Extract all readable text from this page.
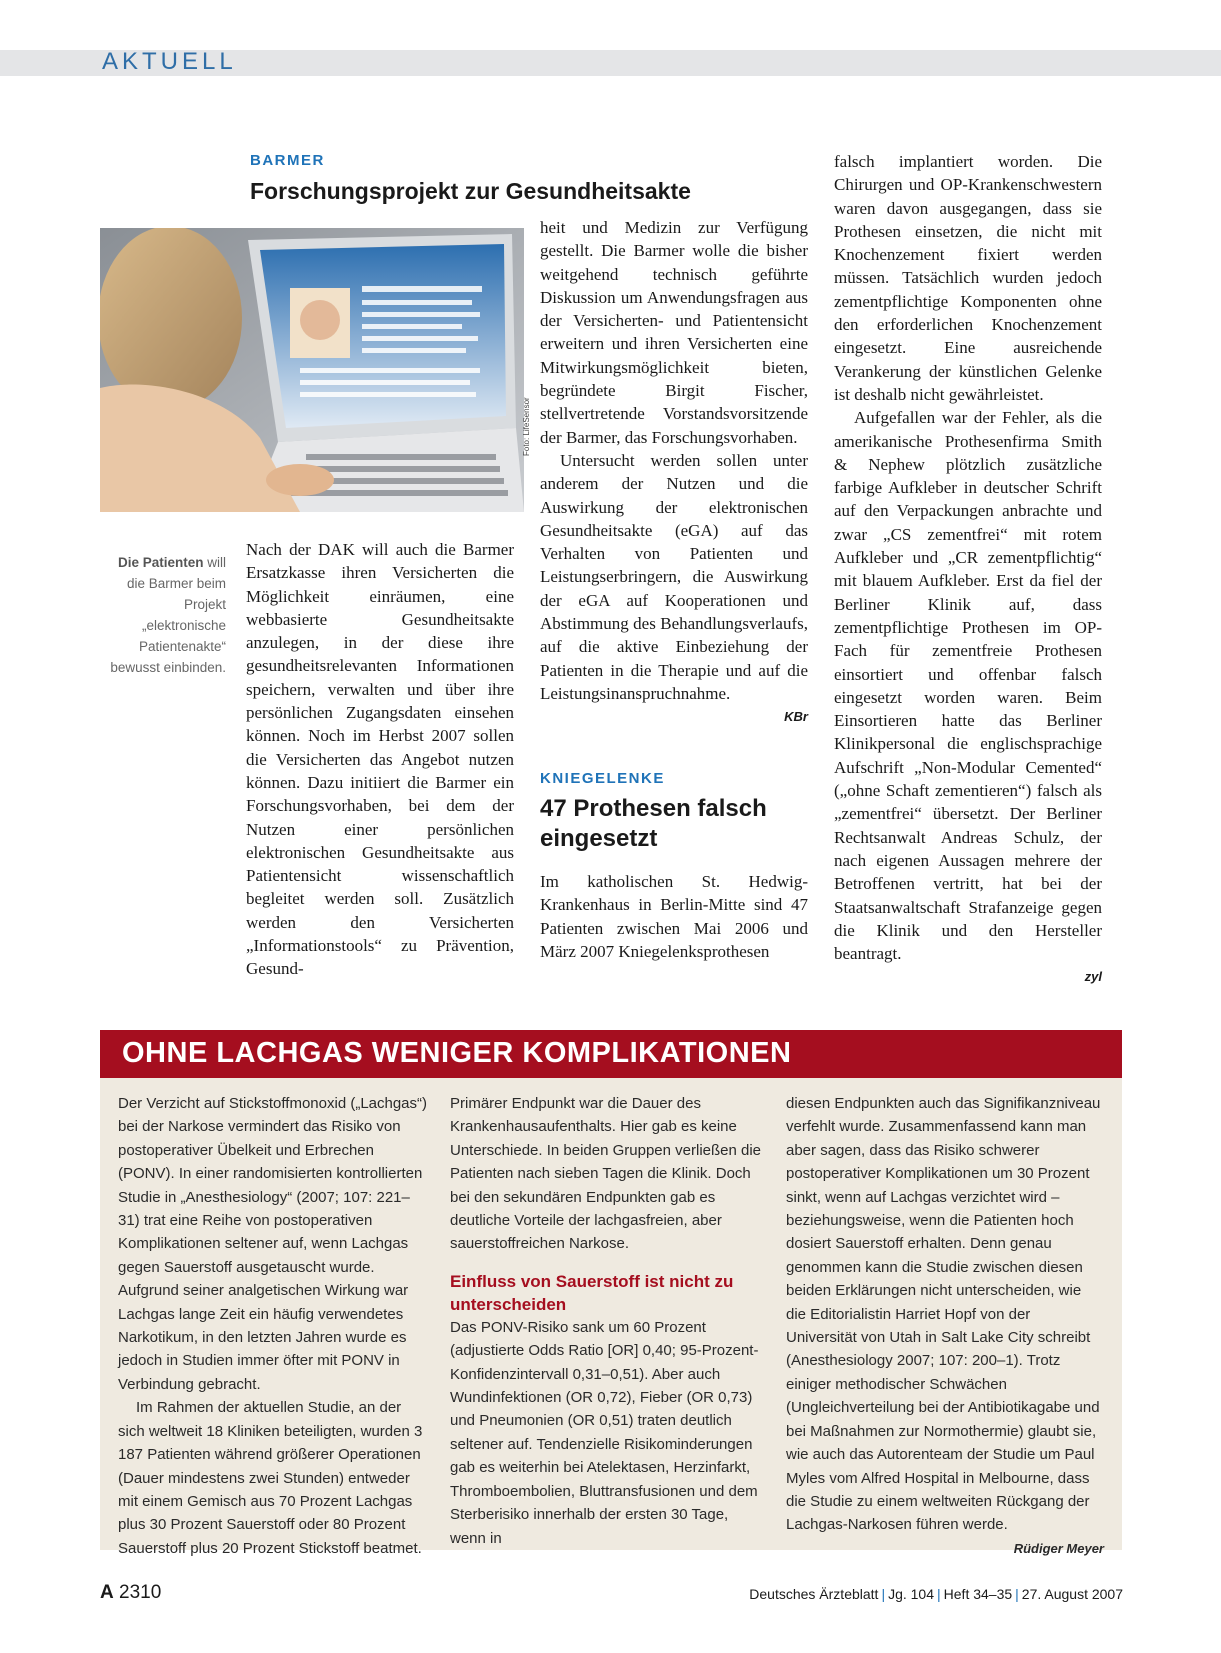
AKTUELL
BARMER
Forschungsprojekt zur Gesundheitsakte
Foto: LifeSensor
Die Patienten will die Barmer beim Projekt „elektronische Patientenakte“ bewusst einbinden.

Nach der DAK will auch die Barmer Ersatzkasse ihren Versicherten die Möglichkeit einräumen, eine webbasierte Gesundheitsakte anzulegen, in der diese ihre gesundheitsrelevanten Informationen speichern, verwalten und über ihre persönlichen Zugangsdaten einsehen können. Noch im Herbst 2007 sollen die Versicherten das Angebot nutzen können. Dazu initiiert die Barmer ein Forschungsvorhaben, bei dem der Nutzen einer persönlichen elektronischen Gesundheitsakte aus Patientensicht wissenschaftlich begleitet werden soll. Zusätzlich werden den Versicherten „Informationstools“ zu Prävention, Gesund-

heit und Medizin zur Verfügung gestellt. Die Barmer wolle die bisher weitgehend technisch geführte Diskussion um Anwendungsfragen aus der Versicherten- und Patientensicht erweitern und ihren Versicherten eine Mitwirkungsmöglichkeit bieten, begründete Birgit Fischer, stellvertretende Vorstandsvorsitzende der Barmer, das Forschungsvorhaben.

Untersucht werden sollen unter anderem der Nutzen und die Auswirkung der elektronischen Gesundheitsakte (eGA) auf das Verhalten von Patienten und Leistungserbringern, die Auswirkung der eGA auf Kooperationen und Abstimmung des Behandlungsverlaufs, auf die aktive Einbeziehung der Patienten in die Therapie und auf die Leistungsinanspruchnahme.

KBr

KNIEGELENKE
47 Prothesen falsch
eingesetzt

Im katholischen St. Hedwig-Krankenhaus in Berlin-Mitte sind 47 Patienten zwischen Mai 2006 und März 2007 Kniegelenksprothesen

falsch implantiert worden. Die Chirurgen und OP-Krankenschwestern waren davon ausgegangen, dass sie Prothesen einsetzen, die nicht mit Knochenzement fixiert werden müssen. Tatsächlich wurden jedoch zementpflichtige Komponenten ohne den erforderlichen Knochenzement eingesetzt. Eine ausreichende Verankerung der künstlichen Gelenke ist deshalb nicht gewährleistet.

Aufgefallen war der Fehler, als die amerikanische Prothesenfirma Smith & Nephew plötzlich zusätzliche farbige Aufkleber in deutscher Schrift auf den Verpackungen anbrachte und zwar „CS zementfrei“ mit rotem Aufkleber und „CR zementpflichtig“ mit blauem Aufkleber. Erst da fiel der Berliner Klinik auf, dass zementpflichtige Prothesen im OP-Fach für zementfreie Prothesen einsortiert und offenbar falsch eingesetzt worden waren. Beim Einsortieren hatte das Berliner Klinikpersonal die englischsprachige Aufschrift „Non-Modular Cemented“ („ohne Schaft zementieren“) falsch als „zementfrei“ übersetzt. Der Berliner Rechtsanwalt Andreas Schulz, der nach eigenen Aussagen mehrere der Betroffenen vertritt, hat bei der Staatsanwaltschaft Strafanzeige gegen die Klinik und den Hersteller beantragt.

zyl

OHNE LACHGAS WENIGER KOMPLIKATIONEN

Der Verzicht auf Stickstoffmonoxid („Lachgas“) bei der Narkose vermindert das Risiko von postoperativer Übelkeit und Erbrechen (PONV). In einer randomisierten kontrollierten Studie in „Anesthesiology“ (2007; 107: 221–31) trat eine Reihe von postoperativen Komplikationen seltener auf, wenn Lachgas gegen Sauerstoff ausgetauscht wurde. Aufgrund seiner analgetischen Wirkung war Lachgas lange Zeit ein häufig verwendetes Narkotikum, in den letzten Jahren wurde es jedoch in Studien immer öfter mit PONV in Verbindung gebracht.

Im Rahmen der aktuellen Studie, an der sich weltweit 18 Kliniken beteiligten, wurden 3 187 Patienten während größerer Operationen (Dauer mindestens zwei Stunden) entweder mit einem Gemisch aus 70 Prozent Lachgas plus 30 Prozent Sauerstoff oder 80 Prozent Sauerstoff plus 20 Prozent Stickstoff beatmet.

Primärer Endpunkt war die Dauer des Krankenhausaufenthalts. Hier gab es keine Unterschiede. In beiden Gruppen verließen die Patienten nach sieben Tagen die Klinik. Doch bei den sekundären Endpunkten gab es deutliche Vorteile der lachgasfreien, aber sauerstoffreichen Narkose.

Einfluss von Sauerstoff ist nicht zu unterscheiden

Das PONV-Risiko sank um 60 Prozent (adjustierte Odds Ratio [OR] 0,40; 95-Prozent-Konfidenzintervall 0,31–0,51). Aber auch Wundinfektionen (OR 0,72), Fieber (OR 0,73) und Pneumonien (OR 0,51) traten deutlich seltener auf. Tendenzielle Risikominderungen gab es weiterhin bei Atelektasen, Herzinfarkt, Thromboembolien, Bluttransfusionen und dem Sterberisiko innerhalb der ersten 30 Tage, wenn in

diesen Endpunkten auch das Signifikanzniveau verfehlt wurde. Zusammenfassend kann man aber sagen, dass das Risiko schwerer postoperativer Komplikationen um 30 Prozent sinkt, wenn auf Lachgas verzichtet wird – beziehungsweise, wenn die Patienten hoch dosiert Sauerstoff erhalten. Denn genau genommen kann die Studie zwischen diesen beiden Erklärungen nicht unterscheiden, wie die Editorialistin Harriet Hopf von der Universität von Utah in Salt Lake City schreibt (Anesthesiology 2007; 107: 200–1). Trotz einiger methodischer Schwächen (Ungleichverteilung bei der Antibiotikagabe und bei Maßnahmen zur Normothermie) glaubt sie, wie auch das Autorenteam der Studie um Paul Myles vom Alfred Hospital in Melbourne, dass die Studie zu einem weltweiten Rückgang der Lachgas-Narkosen führen werde.

Rüdiger Meyer

A 2310	Deutsches Ärzteblatt | Jg. 104 | Heft 34–35 | 27. August 2007
